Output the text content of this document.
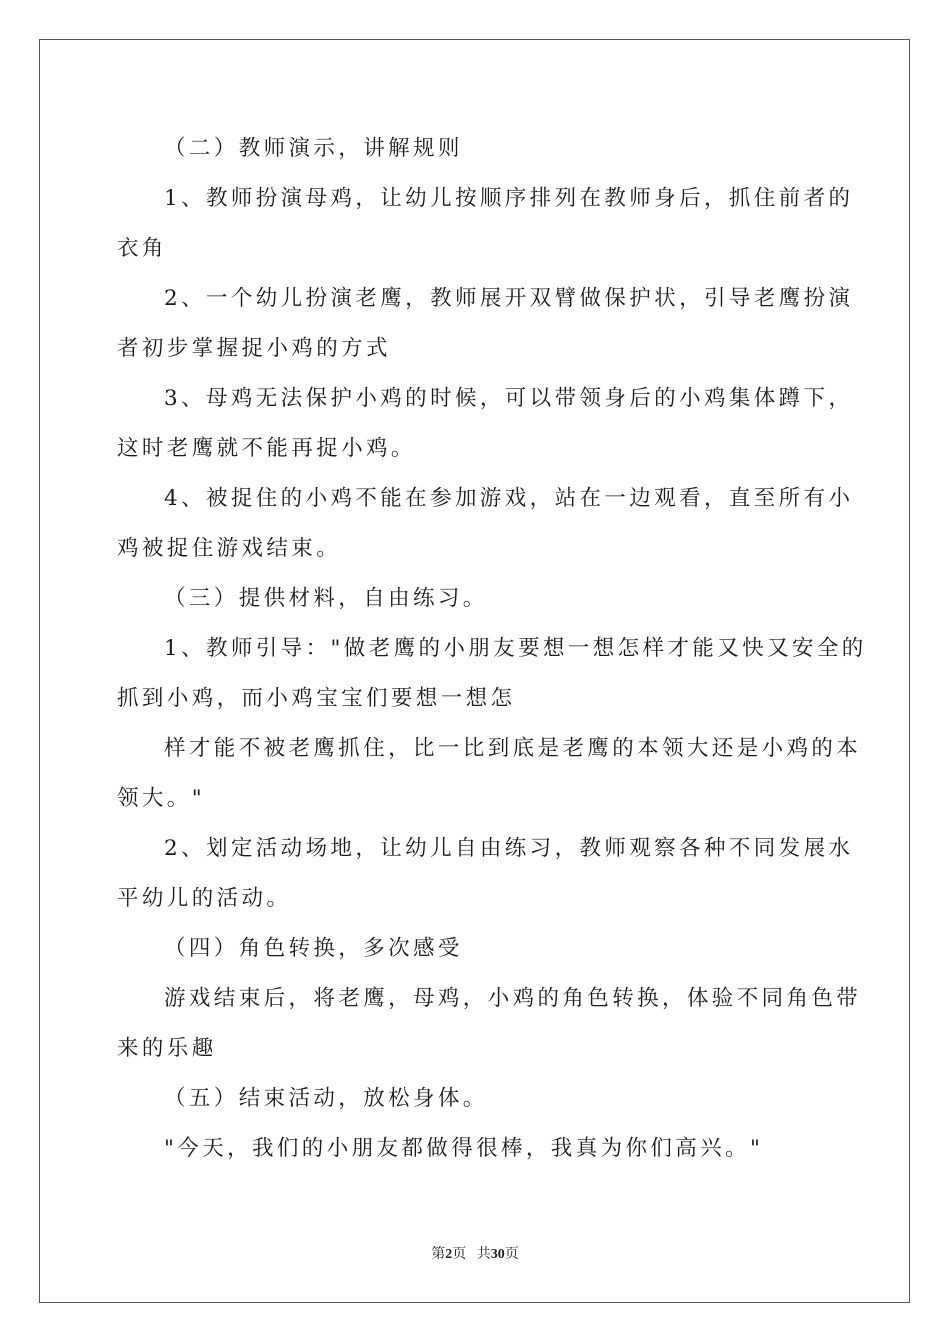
（二）教师演示，讲解规则

1、教师扮演母鸡，让幼儿按顺序排列在教师身后，抓住前者的

衣角

2、一个幼儿扮演老鹰，教师展开双臂做保护状，引导老鹰扮演

者初步掌握捉小鸡的方式

3、母鸡无法保护小鸡的时候，可以带领身后的小鸡集体蹲下，

这时老鹰就不能再捉小鸡。

4、被捉住的小鸡不能在参加游戏，站在一边观看，直至所有小

鸡被捉住游戏结束。

（三）提供材料，自由练习。

1、教师引导："做老鹰的小朋友要想一想怎样才能又快又安全的

抓到小鸡，而小鸡宝宝们要想一想怎

样才能不被老鹰抓住，比一比到底是老鹰的本领大还是小鸡的本

领大。"

2、划定活动场地，让幼儿自由练习，教师观察各种不同发展水

平幼儿的活动。

（四）角色转换，多次感受

游戏结束后，将老鹰，母鸡，小鸡的角色转换，体验不同角色带

来的乐趣

（五）结束活动，放松身体。

"今天，我们的小朋友都做得很棒，我真为你们高兴。"

第2页 共30页
